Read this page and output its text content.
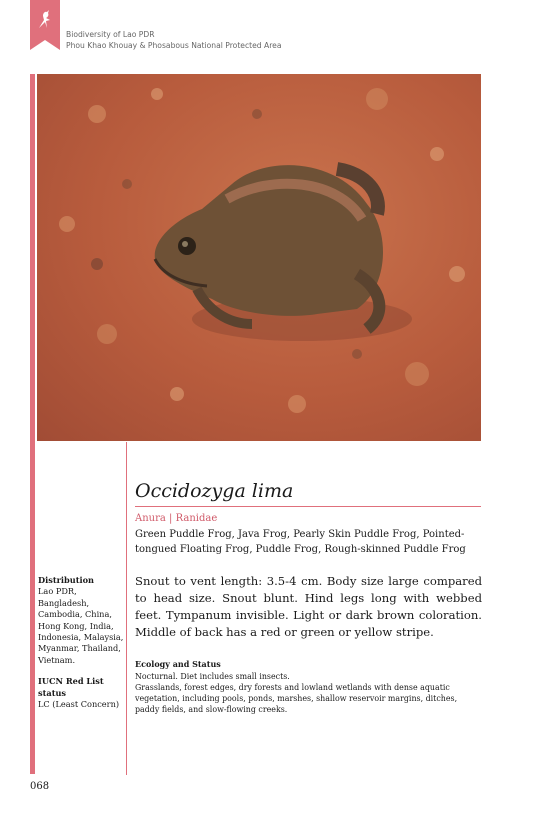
Biodiversity of Lao PDR
Phou Khao Khouay & Phosabous National Protected Area
Occidozyga lima
Anura | Ranidae
Green Puddle Frog, Java Frog, Pearly Skin Puddle Frog, Pointed-tongued Floating Frog, Puddle Frog, Rough-skinned Puddle Frog
Snout to vent length: 3.5-4 cm. Body size large compared to head size. Snout blunt. Hind legs long with webbed feet. Tympanum invisible. Light or dark brown coloration. Middle of back has a red or green or yellow stripe.
Ecology and Status

Nocturnal. Diet includes small insects.

Grasslands, forest edges, dry forests and lowland wetlands with dense aquatic vegetation, including pools, ponds, marshes, shallow reservoir margins, ditches, paddy fields, and slow-flowing creeks.

Distribution
Lao PDR, Bangladesh, Cambodia, China, Hong Kong, India, Indonesia, Malaysia, Myanmar, Thailand, Vietnam.
IUCN Red List status
LC (Least Concern)
068
